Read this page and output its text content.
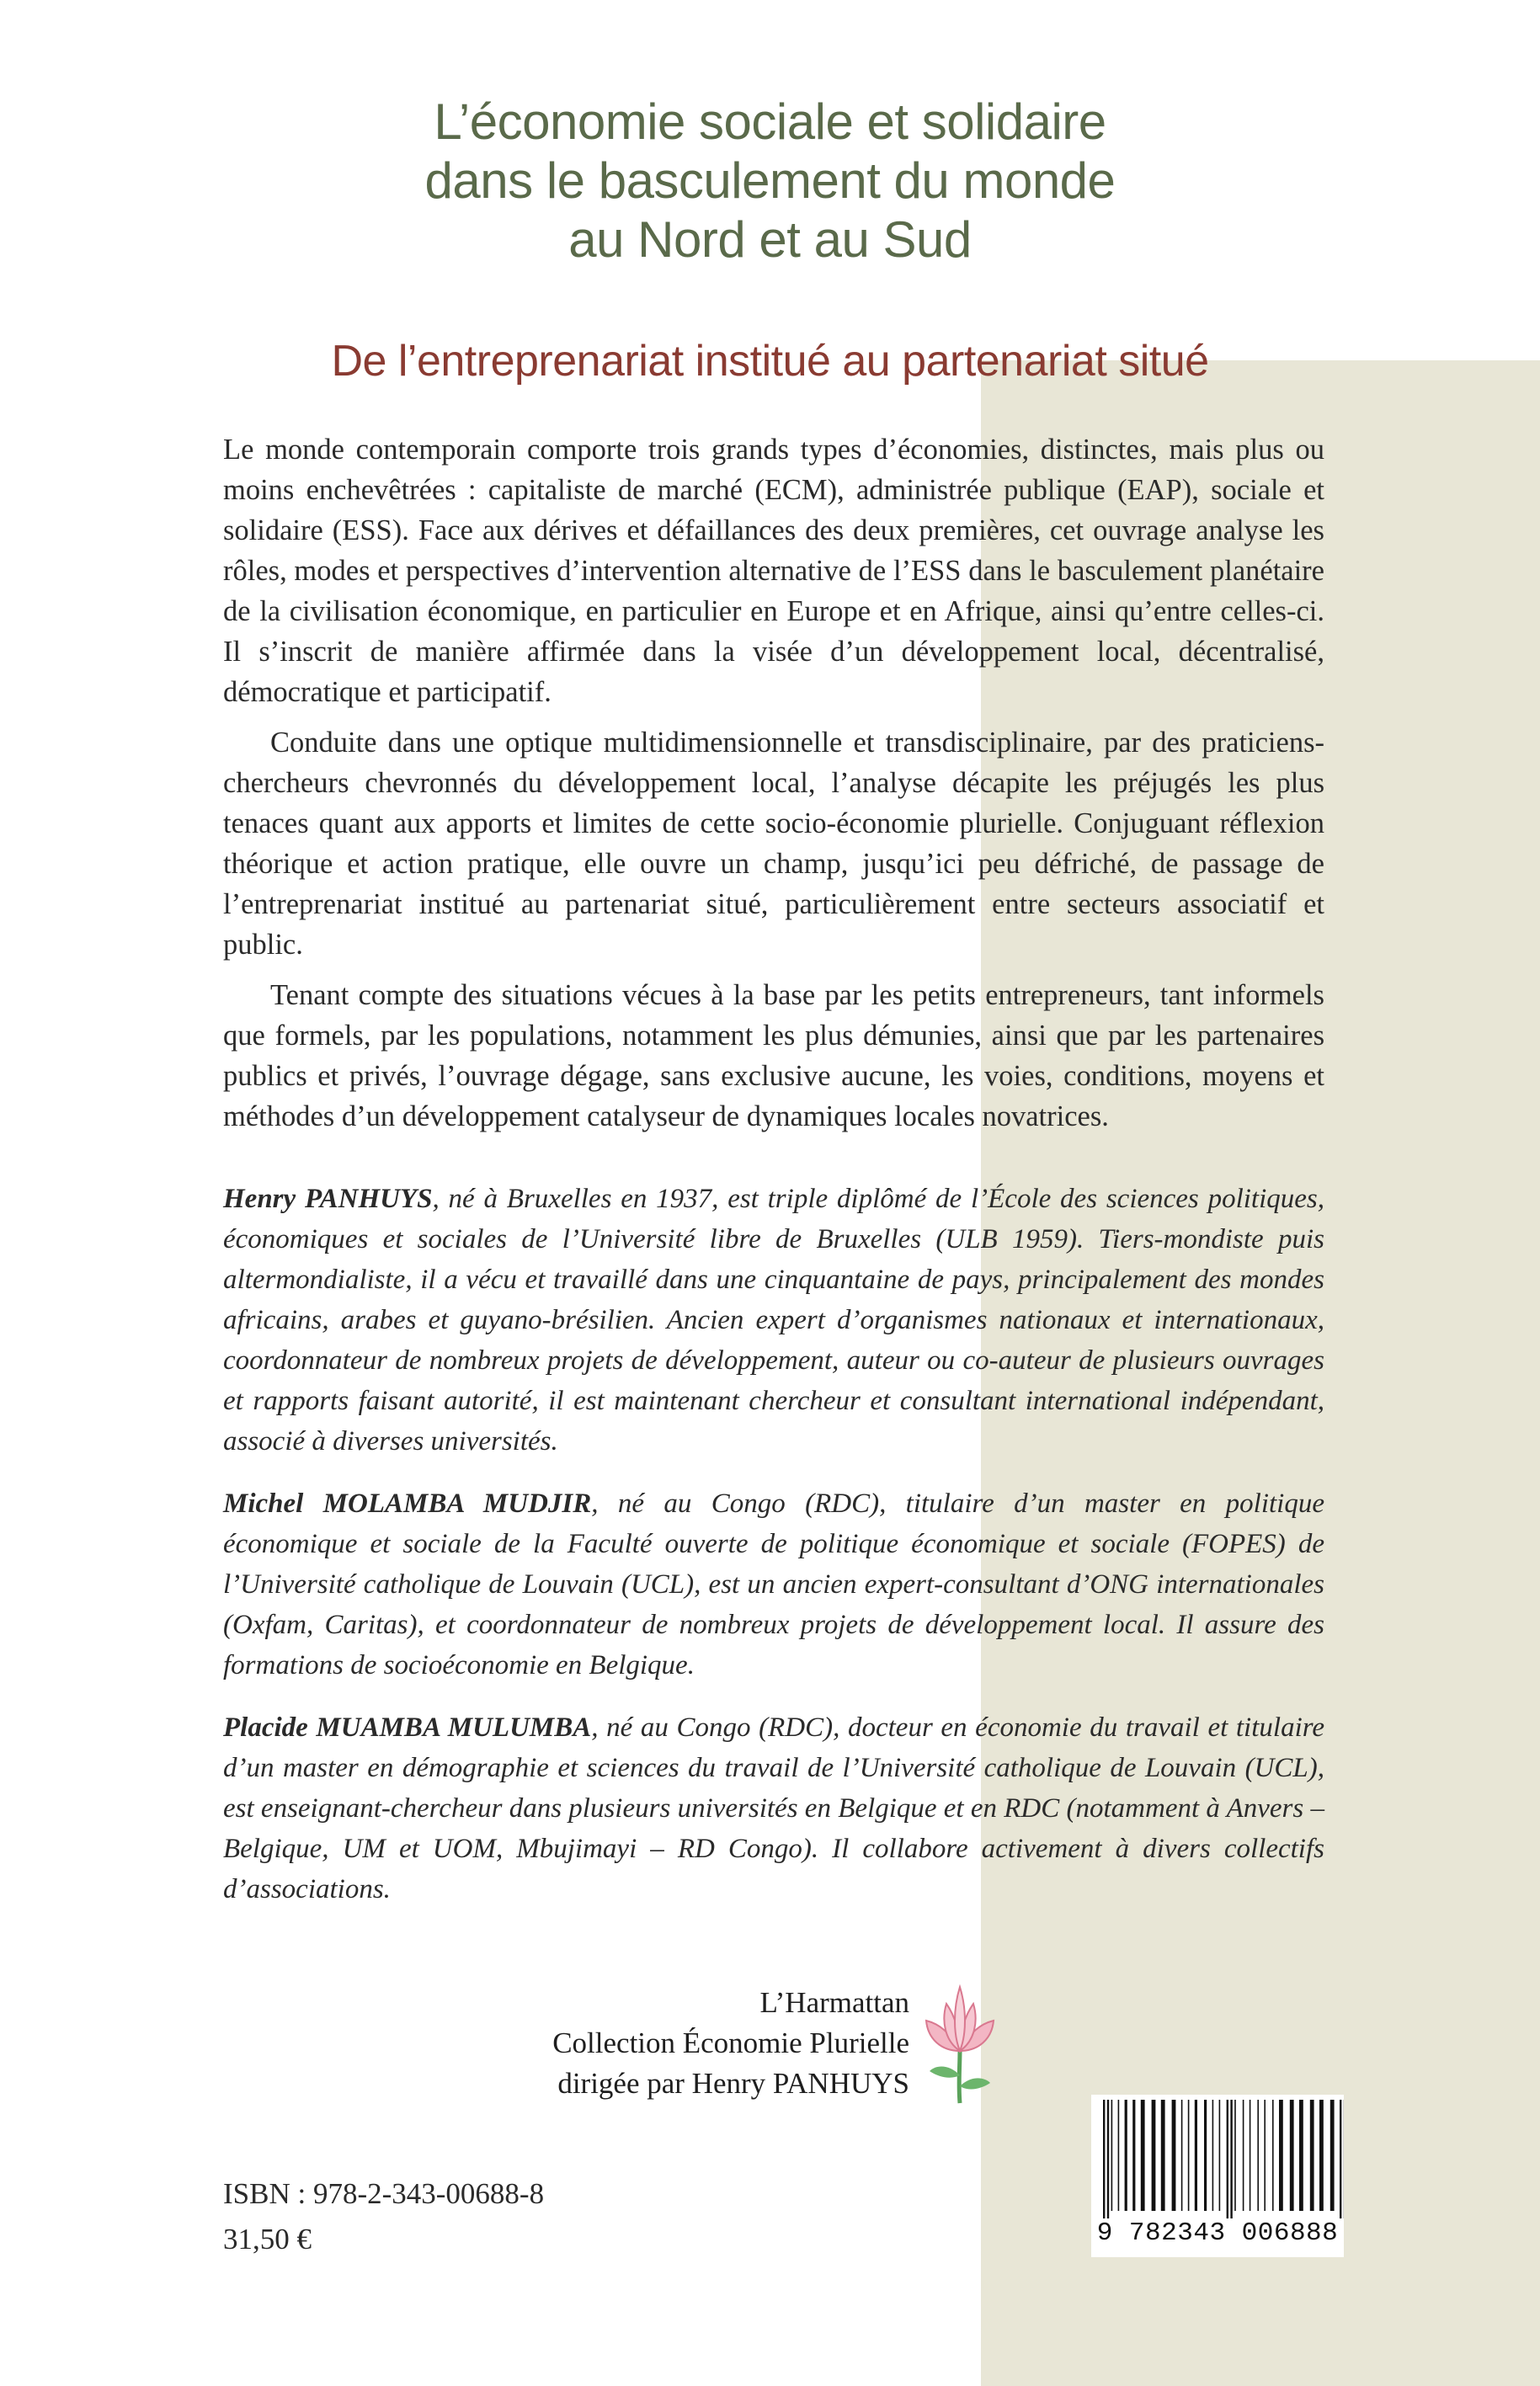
L’économie sociale et solidaire
dans le basculement du monde
au Nord et au Sud
De l’entreprenariat institué au partenariat situé

Le monde contemporain comporte trois grands types d’économies, distinctes, mais plus ou moins enchevêtrées : capitaliste de marché (ECM), administrée publique (EAP), sociale et solidaire (ESS). Face aux dérives et défaillances des deux premières, cet ouvrage analyse les rôles, modes et perspectives d’intervention alternative de l’ESS dans le basculement planétaire de la civilisation économique, en particulier en Europe et en Afrique, ainsi qu’entre celles-ci. Il s’inscrit de manière affirmée dans la visée d’un développement local, décentralisé, démocratique et participatif.

Conduite dans une optique multidimensionnelle et transdisciplinaire, par des praticiens-chercheurs chevronnés du développement local, l’analyse décapite les préjugés les plus tenaces quant aux apports et limites de cette socio-économie plurielle. Conjuguant réflexion théorique et action pratique, elle ouvre un champ, jusqu’ici peu défriché, de passage de l’entreprenariat institué au partenariat situé, particulièrement entre secteurs associatif et public.

Tenant compte des situations vécues à la base par les petits entrepreneurs, tant informels que formels, par les populations, notamment les plus démunies, ainsi que par les partenaires publics et privés, l’ouvrage dégage, sans exclusive aucune, les voies, conditions, moyens et méthodes d’un développement catalyseur de dynamiques locales novatrices.

Henry PANHUYS, né à Bruxelles en 1937, est triple diplômé de l’École des sciences politiques, économiques et sociales de l’Université libre de Bruxelles (ULB 1959). Tiers-mondiste puis altermondialiste, il a vécu et travaillé dans une cinquantaine de pays, principalement des mondes africains, arabes et guyano-brésilien. Ancien expert d’organismes nationaux et internationaux, coordonnateur de nombreux projets de développement, auteur ou co-auteur de plusieurs ouvrages et rapports faisant autorité, il est maintenant chercheur et consultant international indépendant, associé à diverses universités.

Michel MOLAMBA MUDJIR, né au Congo (RDC), titulaire d’un master en politique économique et sociale de la Faculté ouverte de politique économique et sociale (FOPES) de l’Université catholique de Louvain (UCL), est un ancien expert-consultant d’ONG internationales (Oxfam, Caritas), et coordonnateur de nombreux projets de développement local. Il assure des formations de socioéconomie en Belgique.

Placide MUAMBA MULUMBA, né au Congo (RDC), docteur en économie du travail et titulaire d’un master en démographie et sciences du travail de l’Université catholique de Louvain (UCL), est enseignant-chercheur dans plusieurs universités en Belgique et en RDC (notamment à Anvers – Belgique, UM et UOM, Mbujimayi – RD Congo). Il collabore activement à divers collectifs d’associations.

L’Harmattan
Collection Économie Plurielle
dirigée par Henry PANHUYS
ISBN : 978-2-343-00688-8
31,50 €	9 782343 006888
